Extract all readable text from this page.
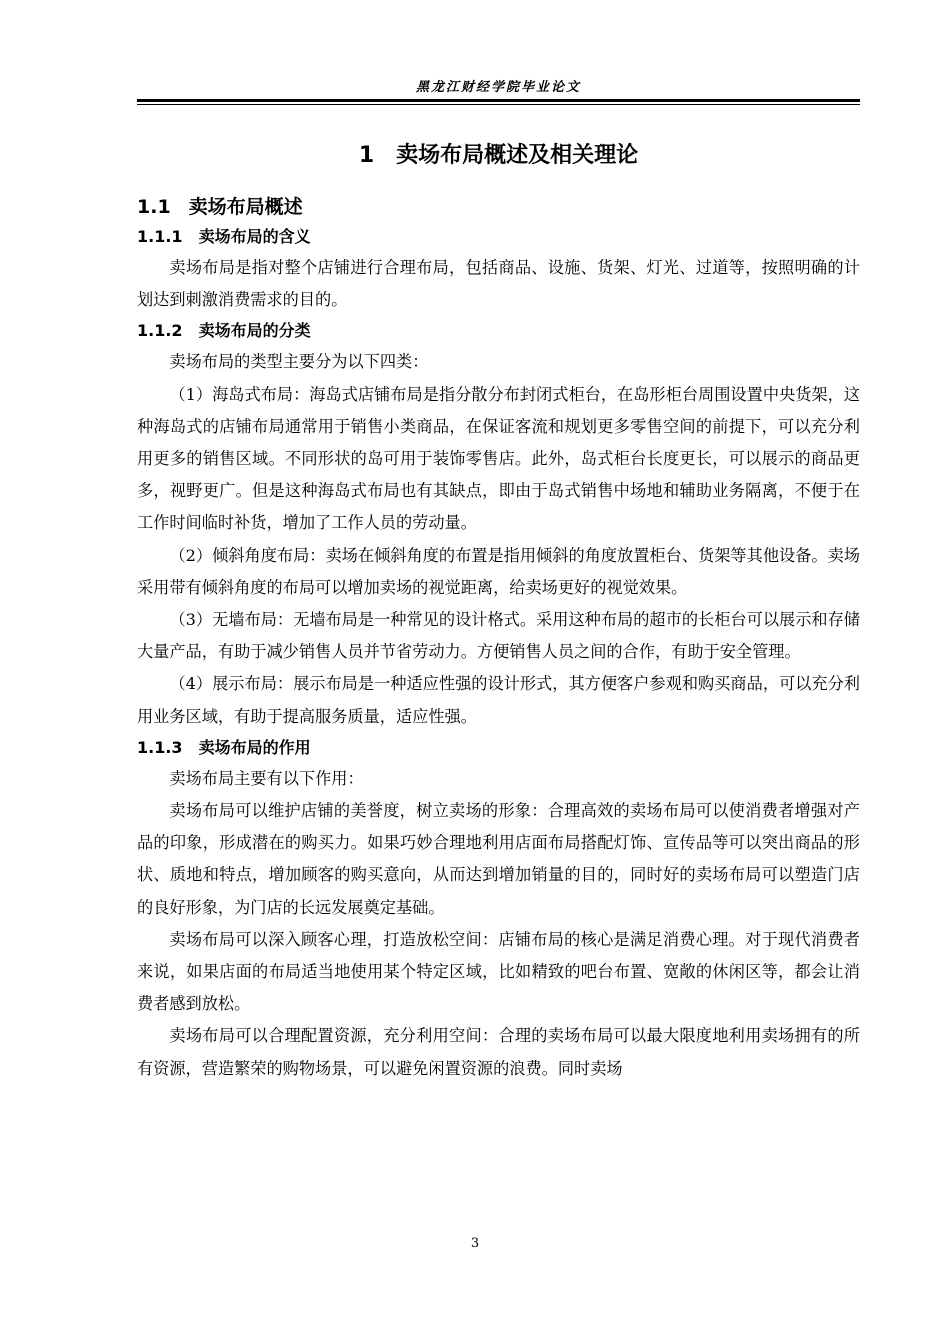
黑龙江财经学院毕业论文
1 卖场布局概述及相关理论
1.1 卖场布局概述
1.1.1 卖场布局的含义

卖场布局是指对整个店铺进行合理布局，包括商品、设施、货架、灯光、过道等，按照明确的计划达到刺激消费需求的目的。

1.1.2 卖场布局的分类

卖场布局的类型主要分为以下四类：

（1）海岛式布局：海岛式店铺布局是指分散分布封闭式柜台，在岛形柜台周围设置中央货架，这种海岛式的店铺布局通常用于销售小类商品，在保证客流和规划更多零售空间的前提下，可以充分利用更多的销售区域。不同形状的岛可用于装饰零售店。此外，岛式柜台长度更长，可以展示的商品更多，视野更广。但是这种海岛式布局也有其缺点，即由于岛式销售中场地和辅助业务隔离，不便于在工作时间临时补货，增加了工作人员的劳动量。

（2）倾斜角度布局：卖场在倾斜角度的布置是指用倾斜的角度放置柜台、货架等其他设备。卖场采用带有倾斜角度的布局可以增加卖场的视觉距离，给卖场更好的视觉效果。

（3）无墙布局：无墙布局是一种常见的设计格式。采用这种布局的超市的长柜台可以展示和存储大量产品，有助于减少销售人员并节省劳动力。方便销售人员之间的合作，有助于安全管理。

（4）展示布局：展示布局是一种适应性强的设计形式，其方便客户参观和购买商品，可以充分利用业务区域，有助于提高服务质量，适应性强。

1.1.3 卖场布局的作用

卖场布局主要有以下作用：

卖场布局可以维护店铺的美誉度，树立卖场的形象：合理高效的卖场布局可以使消费者增强对产品的印象，形成潜在的购买力。如果巧妙合理地利用店面布局搭配灯饰、宣传品等可以突出商品的形状、质地和特点，增加顾客的购买意向，从而达到增加销量的目的，同时好的卖场布局可以塑造门店的良好形象，为门店的长远发展奠定基础。

卖场布局可以深入顾客心理，打造放松空间：店铺布局的核心是满足消费心理。对于现代消费者来说，如果店面的布局适当地使用某个特定区域，比如精致的吧台布置、宽敞的休闲区等，都会让消费者感到放松。

卖场布局可以合理配置资源，充分利用空间：合理的卖场布局可以最大限度地利用卖场拥有的所有资源，营造繁荣的购物场景，可以避免闲置资源的浪费。同时卖场

3
